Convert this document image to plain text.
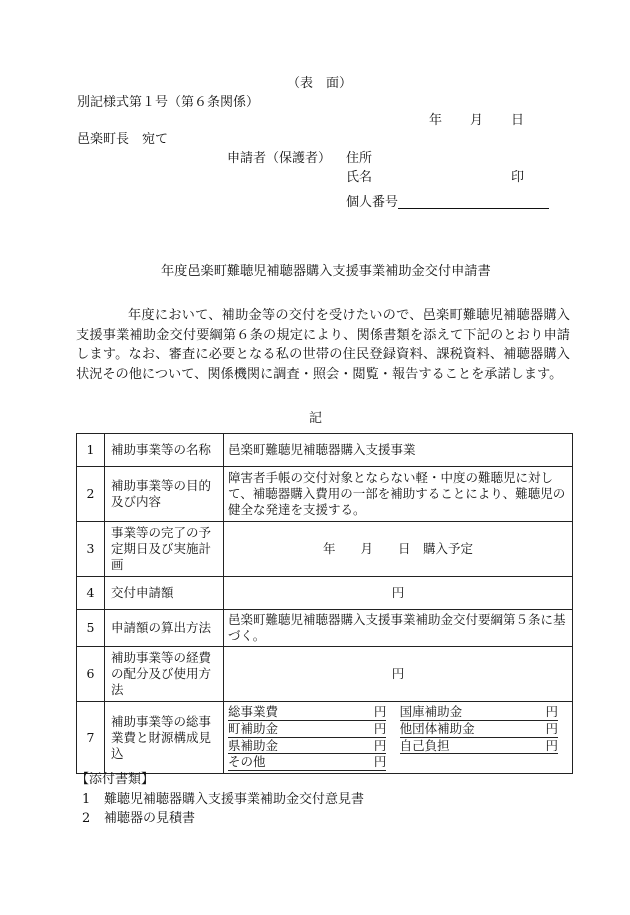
（表　面）
別記様式第１号（第６条関係）
年 月 日
邑楽町長　宛て
申請者（保護者） 住所
氏名	印
個人番号
年度邑楽町難聴児補聴器購入支援事業補助金交付申請書
年度において、補助金等の交付を受けたいので、邑楽町難聴児補聴器購入支援事業補助金交付要綱第６条の規定により、関係書類を添えて下記のとおり申請します。なお、審査に必要となる私の世帯の住民登録資料、課税資料、補聴器購入状況その他について、関係機関に調査・照会・閲覧・報告することを承諾します。
記
1	補助事業等の名称	邑楽町難聴児補聴器購入支援事業
2	補助事業等の目的及び内容	障害者手帳の交付対象とならない軽・中度の難聴児に対して、補聴器購入費用の一部を補助することにより、難聴児の健全な発達を支援する。
3	事業等の完了の予定期日及び実施計画	年　　月　　日　購入予定
4	交付申請額	円
5	申請額の算出方法	邑楽町難聴児補聴器購入支援事業補助金交付要綱第５条に基づく。
6	補助事業等の経費の配分及び使用方法	円
7	補助事業等の総事業費と財源構成見込	
総事業費	円		国庫補助金	円

町補助金	円		他団体補助金	円

県補助金	円		自己負担	円

その他	円

【添付書類】
1 難聴児補聴器購入支援事業補助金交付意見書
2 補聴器の見積書
